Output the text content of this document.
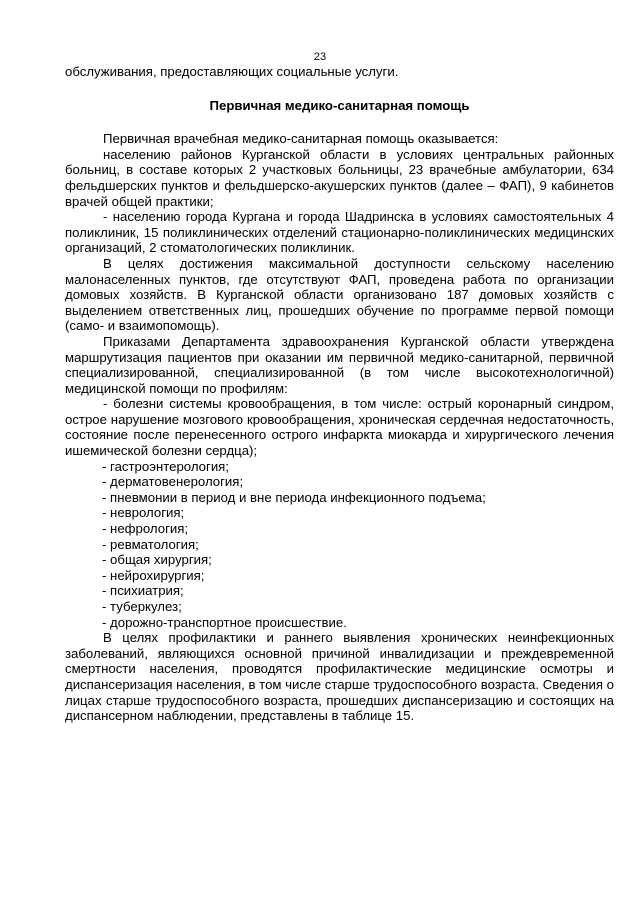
23

обслуживания, предоставляющих социальные услуги.

Первичная медико-санитарная помощь

Первичная врачебная медико-санитарная помощь оказывается:

населению районов Курганской области в условиях центральных районных больниц, в составе которых 2 участковых больницы, 23 врачебные амбулатории, 634 фельдшерских пунктов и фельдшерско-акушерских пунктов (далее – ФАП), 9 кабинетов врачей общей практики;

- населению города Кургана и города Шадринска в условиях самостоятельных 4 поликлиник, 15 поликлинических отделений стационарно-поликлинических медицинских организаций, 2 стоматологических поликлиник.

В целях достижения максимальной доступности сельскому населению малонаселенных пунктов, где отсутствуют ФАП, проведена работа по организации домовых хозяйств. В Курганской области организовано 187 домовых хозяйств с выделением ответственных лиц, прошедших обучение по программе первой помощи (само- и взаимопомощь).

Приказами Департамента здравоохранения Курганской области утверждена маршрутизация пациентов при оказании им первичной медико-санитарной, первичной специализированной, специализированной (в том числе высокотехнологичной) медицинской помощи по профилям:

- болезни системы кровообращения, в том числе: острый коронарный синдром, острое нарушение мозгового кровообращения, хроническая сердечная недостаточность, состояние после перенесенного острого инфаркта миокарда и хирургического лечения ишемической болезни сердца);

- гастроэнтерология;

- дерматовенерология;

- пневмонии в период и вне периода инфекционного подъема;

- неврология;

- нефрология;

- ревматология;

- общая хирургия;

- нейрохирургия;

- психиатрия;

- туберкулез;

- дорожно-транспортное происшествие.

В целях профилактики и раннего выявления хронических неинфекционных заболеваний, являющихся основной причиной инвалидизации и преждевременной смертности населения, проводятся профилактические медицинские осмотры и диспансеризация населения, в том числе старше трудоспособного возраста. Сведения о лицах старше трудоспособного возраста, прошедших диспансеризацию и состоящих на диспансерном наблюдении, представлены в таблице 15.
